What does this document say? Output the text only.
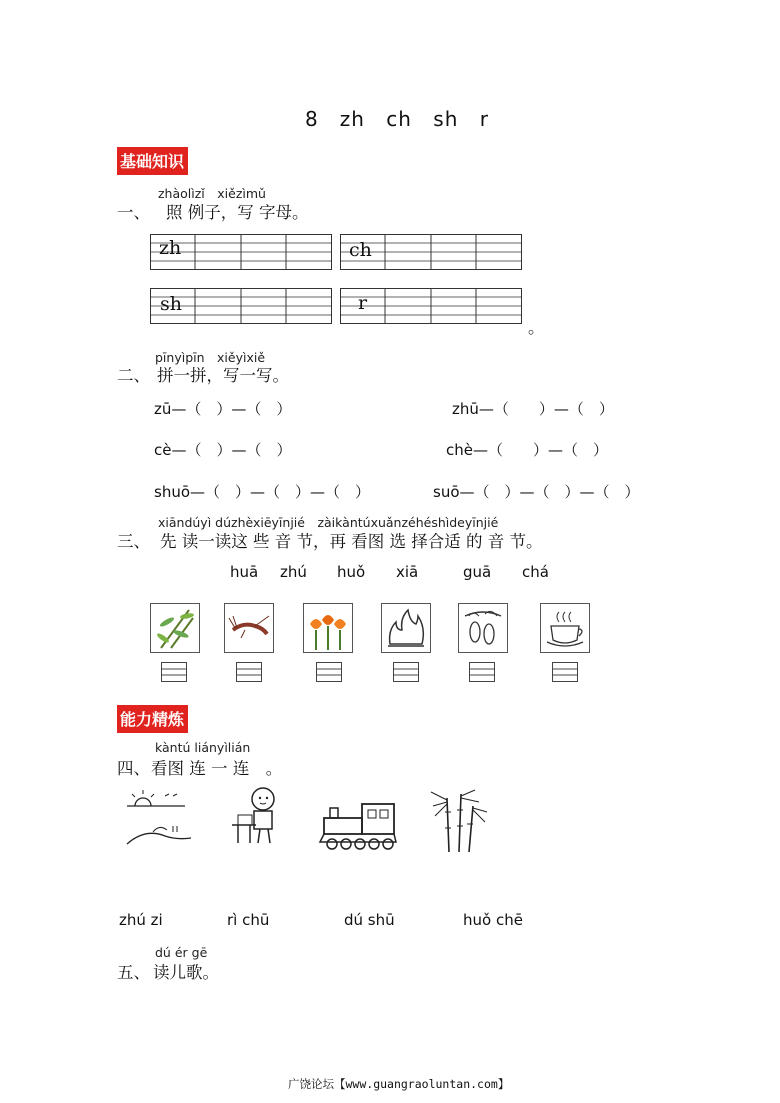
8　zh ch sh r
基础知识
zhàolìzǐ　xiězìmǔ
一、 照 例子，写 字母。
zh	ch
sh	r
。
pīnyìpīn　xiěyìxiě
二、 拼一拼，写一写。
zū—（　）—（　）	zhū—（　　）—（　）
cè—（　）—（　）	chè—（　　）—（　）
shuō—（　）—（　）—（　）	suō—（　）—（　）—（　）
xiāndúyì dúzhèxiēyīnjié　zàikàntúxuǎnzéhéshìdeyīnjié
三、 先 读一读这 些 音 节，再 看图 选 择合适 的 音 节。
huā zhú huǒ xiā	guā chá
能力精炼
kàntú liányìlián
四、 看图 连 一 连　。
zhú zi	rì chū	dú shū	huǒ chē
dú ér gē
五、 读儿歌。
广饶论坛【www.guangraoluntan.com】
